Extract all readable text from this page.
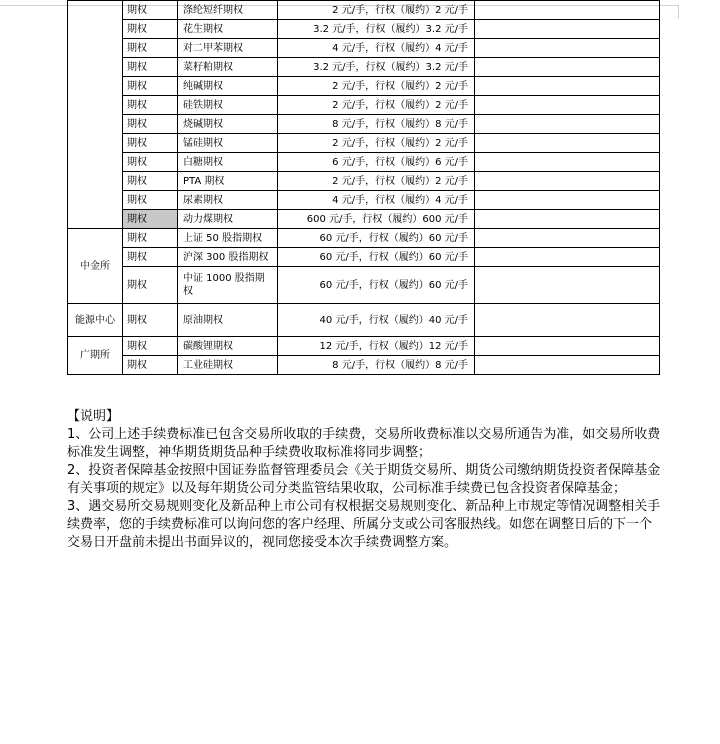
	期权	涤纶短纤期权	2 元/手，行权（履约）2 元/手	
	期权	花生期权	3.2 元/手，行权（履约）3.2 元/手	
	期权	对二甲苯期权	4 元/手，行权（履约）4 元/手	
	期权	菜籽粕期权	3.2 元/手，行权（履约）3.2 元/手	
	期权	纯碱期权	2 元/手，行权（履约）2 元/手	
	期权	硅铁期权	2 元/手，行权（履约）2 元/手	
	期权	烧碱期权	8 元/手，行权（履约）8 元/手	
	期权	锰硅期权	2 元/手，行权（履约）2 元/手	
	期权	白糖期权	6 元/手，行权（履约）6 元/手	
	期权	PTA 期权	2 元/手，行权（履约）2 元/手	
	期权	尿素期权	4 元/手，行权（履约）4 元/手	
	期权	动力煤期权	600 元/手，行权（履约）600 元/手	
中金所	期权	上证 50 股指期权	60 元/手，行权（履约）60 元/手	
	期权	沪深 300 股指期权	60 元/手，行权（履约）60 元/手	
	期权	中证 1000 股指期权	60 元/手，行权（履约）60 元/手	
能源中心	期权	原油期权	40 元/手，行权（履约）40 元/手	
广期所	期权	碳酸锂期权	12 元/手，行权（履约）12 元/手	
	期权	工业硅期权	8 元/手，行权（履约）8 元/手	

【说明】

1、公司上述手续费标准已包含交易所收取的手续费，交易所收费标准以交易所通告为准，如交易所收费标准发生调整，神华期货期货品种手续费收取标准将同步调整；

2、投资者保障基金按照中国证券监督管理委员会《关于期货交易所、期货公司缴纳期货投资者保障基金有关事项的规定》以及每年期货公司分类监管结果收取，公司标准手续费已包含投资者保障基金；

3、遇交易所交易规则变化及新品种上市公司有权根据交易规则变化、新品种上市规定等情况调整相关手续费率，您的手续费标准可以询问您的客户经理、所属分支或公司客服热线。如您在调整日后的下一个交易日开盘前未提出书面异议的，视同您接受本次手续费调整方案。
